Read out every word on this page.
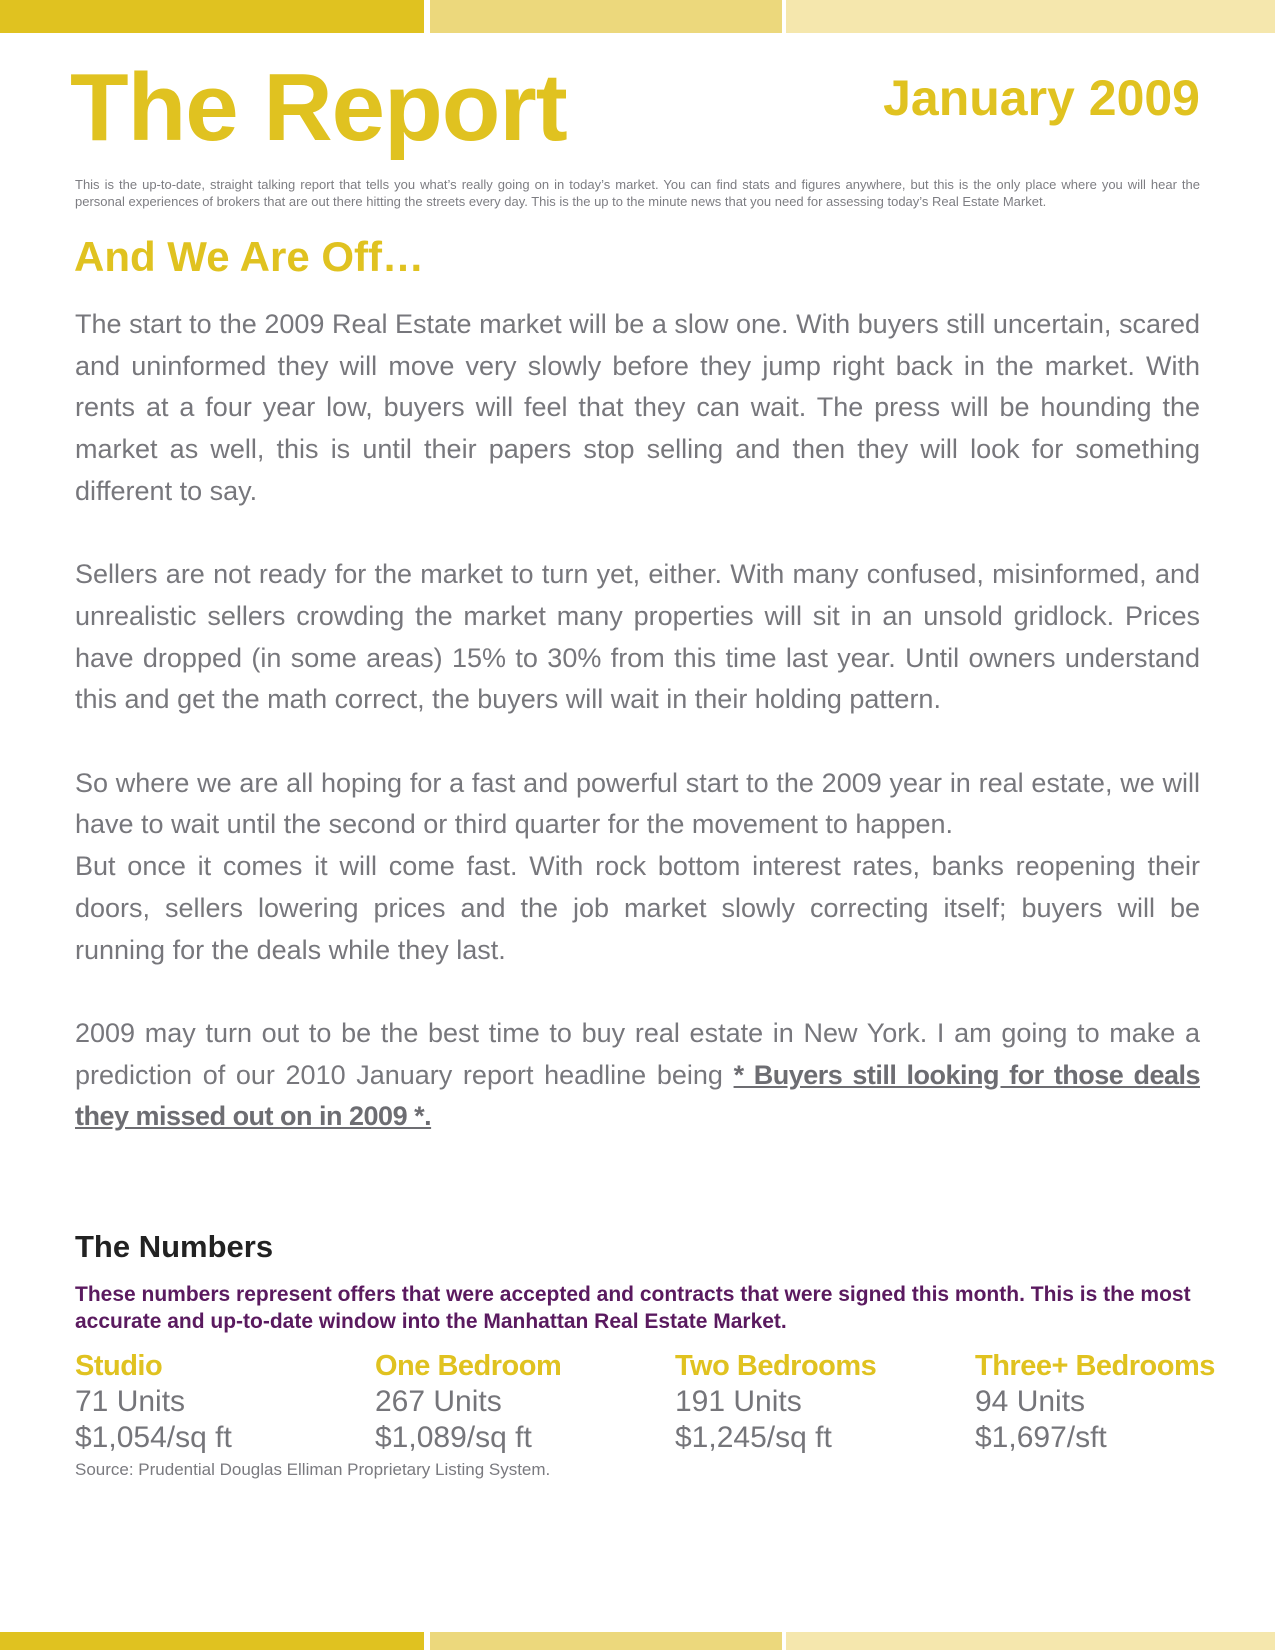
The Report	January 2009

This is the up-to-date, straight talking report that tells you what’s really going on in today’s market. You can find stats and figures anywhere, but this is the only place where you will hear the personal experiences of brokers that are out there hitting the streets every day. This is the up to the minute news that you need for assessing today’s Real Estate Market.

And We Are Off…

The start to the 2009 Real Estate market will be a slow one. With buyers still uncertain, scared and uninformed they will move very slowly before they jump right back in the market. With rents at a four year low, buyers will feel that they can wait. The press will be hounding the market as well, this is until their papers stop selling and then they will look for something different to say.

Sellers are not ready for the market to turn yet, either. With many confused, misinformed, and unrealistic sellers crowding the market many properties will sit in an unsold gridlock. Prices have dropped (in some areas) 15% to 30% from this time last year. Until owners understand this and get the math correct, the buyers will wait in their holding pattern.

So where we are all hoping for a fast and powerful start to the 2009 year in real estate, we will have to wait until the second or third quarter for the movement to happen.

But once it comes it will come fast. With rock bottom interest rates, banks reopening their doors, sellers lowering prices and the job market slowly correcting itself; buyers will be running for the deals while they last.

2009 may turn out to be the best time to buy real estate in New York. I am going to make a prediction of our 2010 January report headline being * Buyers still looking for those deals they missed out on in 2009 *.

The Numbers

These numbers represent offers that were accepted and contracts that were signed this month. This is the most accurate and up-to-date window into the Manhattan Real Estate Market.

Studio

71 Units

$1,054/sq ft

One Bedroom

267 Units

$1,089/sq ft

Two Bedrooms

191 Units

$1,245/sq ft

Three+ Bedrooms

94 Units

$1,697/sft

Source: Prudential Douglas Elliman Proprietary Listing System.
